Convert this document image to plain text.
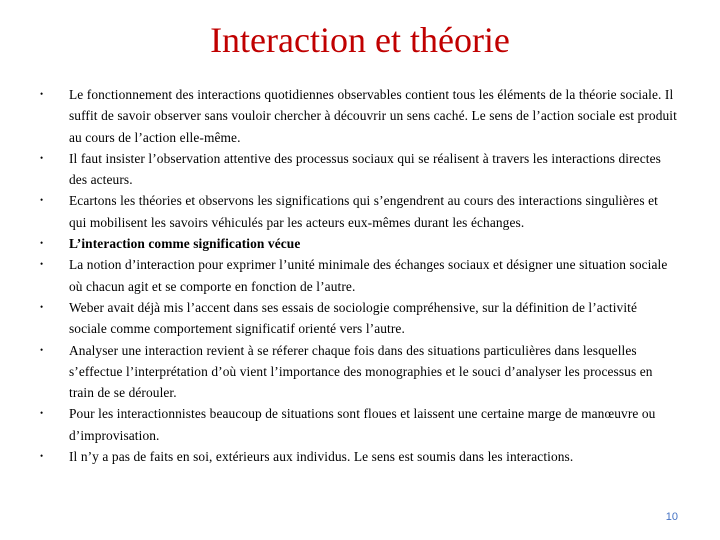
Interaction et théorie
• Le fonctionnement des interactions quotidiennes observables contient tous les éléments de la théorie sociale. Il suffit de savoir observer sans vouloir chercher à découvrir un sens caché. Le sens de l’action sociale est produit au cours de l’action elle-même.
• Il faut insister l’observation attentive des processus sociaux qui se réalisent à travers les interactions directes des acteurs.
• Ecartons les théories et observons les significations qui s’engendrent au cours des interactions singulières et qui mobilisent les savoirs véhiculés par les acteurs eux-mêmes durant les échanges.
• L’interaction comme signification vécue
• La notion d’interaction pour exprimer l’unité minimale des échanges sociaux et désigner une situation sociale où chacun agit et se comporte en fonction de l’autre.
• Weber avait déjà mis l’accent dans ses essais de sociologie compréhensive, sur la définition de l’activité sociale comme comportement significatif orienté vers l’autre.
• Analyser une interaction revient à se réferer chaque fois dans des situations particulières dans lesquelles s’effectue l’interprétation d’où vient l’importance des monographies et le souci d’analyser les processus en train de se dérouler.
• Pour les interactionnistes beaucoup de situations sont floues et laissent une certaine marge de manœuvre ou d’improvisation.
• Il n’y a pas de faits en soi, extérieurs aux individus. Le sens est soumis dans les interactions.
10
